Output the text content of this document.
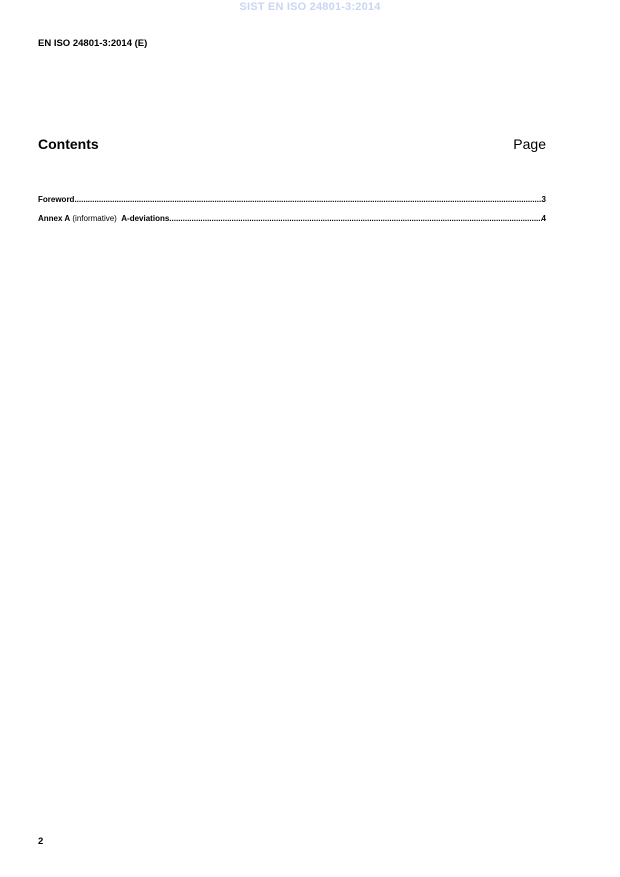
SIST EN ISO 24801-3:2014
EN ISO 24801-3:2014 (E)
Contents	Page
Foreword .....	3
Annex A (informative) A-deviations .....	4
2
